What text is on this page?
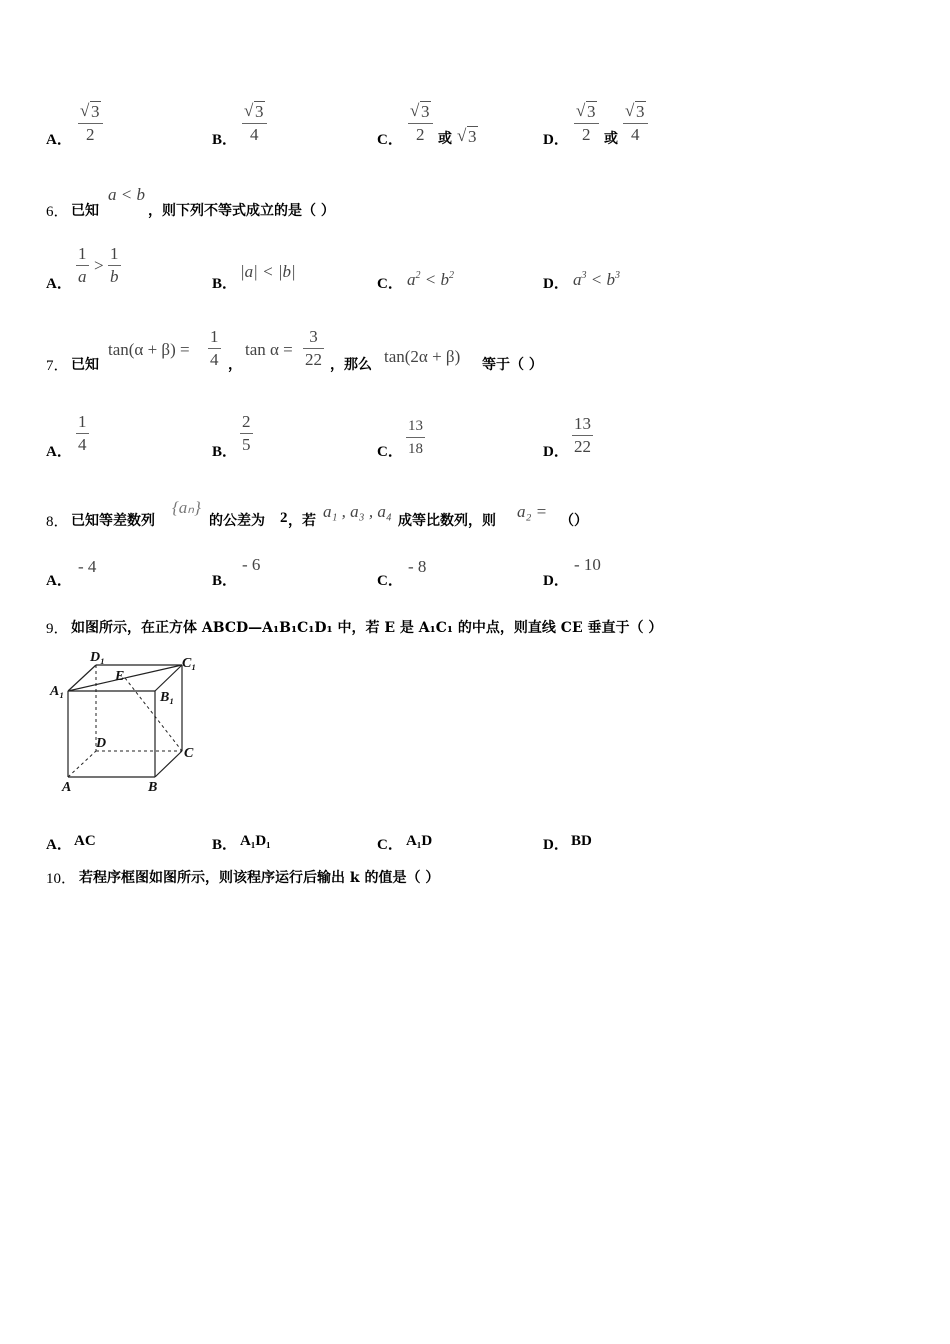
A．
√ 3
2	B．
√ 3
4	C．
√ 3
2 或 √ 3	D．
√ 3
2 或
√ 3
4
6． 已知
a < b
，则下列不等式成立的是（ ）
A．
1
a
>
1
b	B．
|a| < |b|
C． $a^2 < b^2$
D． $a^3 < b^3$
7． 已知
tan(α + β) =
1
4 ，
tan α =
3
22 ，那么 tan(2α + β) 等于（ ）
A．
1
4	B．
2
5	C．
13
18	D．
13
22
8． 已知等差数列
{aₙ}
的公差为 2 ，若 a₁ , a₃ , a₄ 成等比数列，则 a₂ = （）
A．
- 4
B．
- 6
C．
- 8
D．
- 10
9． 如图所示，在正方体 ABCD—A₁B₁C₁D₁ 中，若 E 是 A₁C₁ 的中点，则直线 CE 垂直于（ ）
D₁	C₁
A₁
E
B₁
D
C
A	B
A． AC	B． A₁D₁	C． A₁D	D． BD
10． 若程序框图如图所示，则该程序运行后输出 k 的值是（ ）
